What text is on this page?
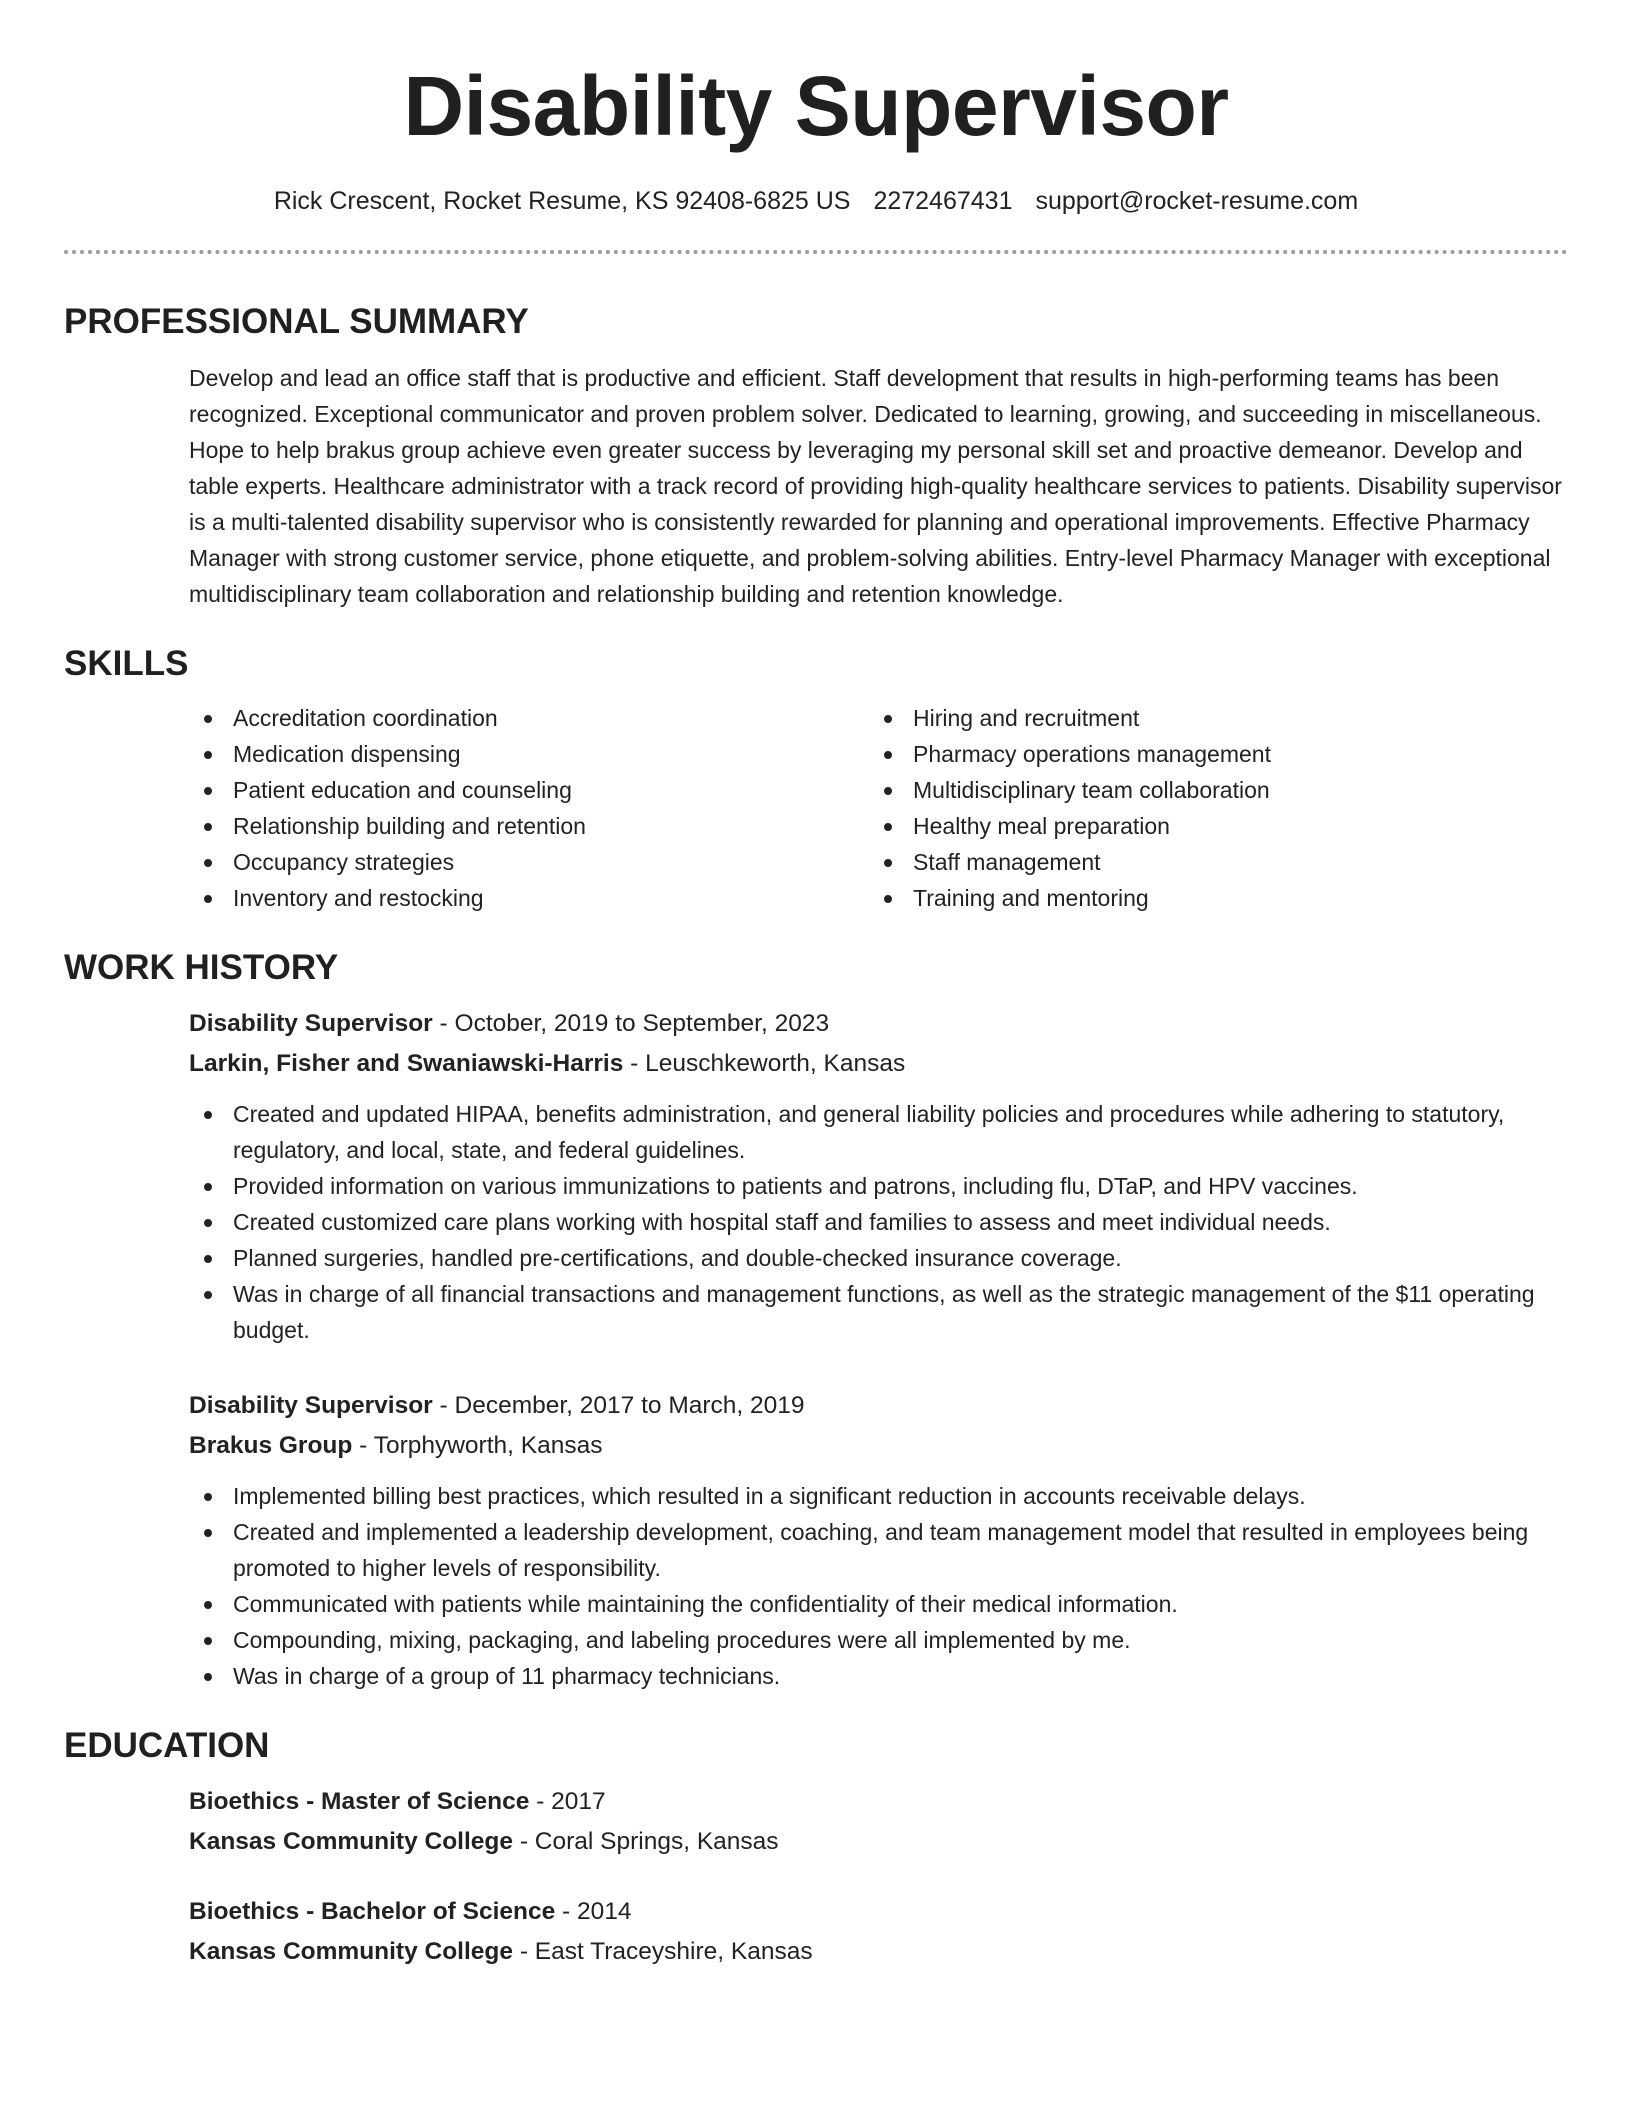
Disability Supervisor
Rick Crescent, Rocket Resume, KS 92408-6825 US 2272467431 support@rocket-resume.com
PROFESSIONAL SUMMARY
Develop and lead an office staff that is productive and efficient. Staff development that results in high-performing teams has been recognized. Exceptional communicator and proven problem solver. Dedicated to learning, growing, and succeeding in miscellaneous. Hope to help brakus group achieve even greater success by leveraging my personal skill set and proactive demeanor. Develop and table experts. Healthcare administrator with a track record of providing high-quality healthcare services to patients. Disability supervisor is a multi-talented disability supervisor who is consistently rewarded for planning and operational improvements. Effective Pharmacy Manager with strong customer service, phone etiquette, and problem-solving abilities. Entry-level Pharmacy Manager with exceptional multidisciplinary team collaboration and relationship building and retention knowledge.
SKILLS
Accreditation coordination
Medication dispensing
Patient education and counseling
Relationship building and retention
Occupancy strategies
Inventory and restocking
Hiring and recruitment
Pharmacy operations management
Multidisciplinary team collaboration
Healthy meal preparation
Staff management
Training and mentoring
WORK HISTORY
Disability Supervisor - October, 2019 to September, 2023
Larkin, Fisher and Swaniawski-Harris - Leuschkeworth, Kansas
Created and updated HIPAA, benefits administration, and general liability policies and procedures while adhering to statutory, regulatory, and local, state, and federal guidelines.
Provided information on various immunizations to patients and patrons, including flu, DTaP, and HPV vaccines.
Created customized care plans working with hospital staff and families to assess and meet individual needs.
Planned surgeries, handled pre-certifications, and double-checked insurance coverage.
Was in charge of all financial transactions and management functions, as well as the strategic management of the $11 operating budget.
Disability Supervisor - December, 2017 to March, 2019
Brakus Group - Torphyworth, Kansas
Implemented billing best practices, which resulted in a significant reduction in accounts receivable delays.
Created and implemented a leadership development, coaching, and team management model that resulted in employees being promoted to higher levels of responsibility.
Communicated with patients while maintaining the confidentiality of their medical information.
Compounding, mixing, packaging, and labeling procedures were all implemented by me.
Was in charge of a group of 11 pharmacy technicians.
EDUCATION
Bioethics - Master of Science - 2017
Kansas Community College - Coral Springs, Kansas
Bioethics - Bachelor of Science - 2014
Kansas Community College - East Traceyshire, Kansas
